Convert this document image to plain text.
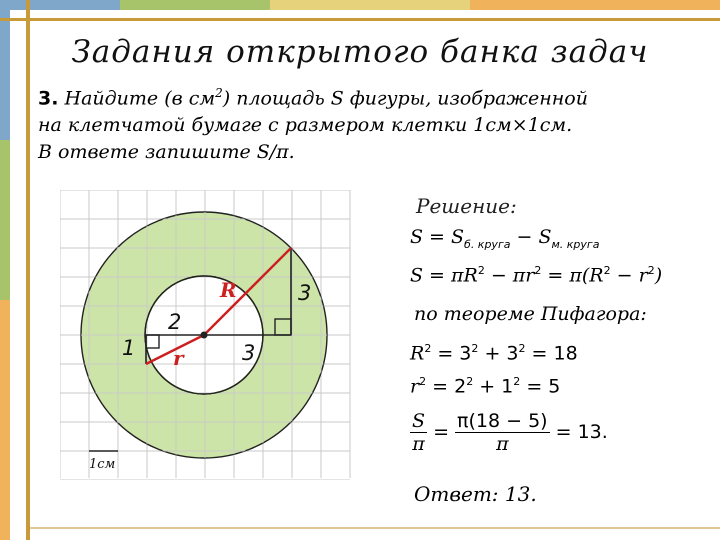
Задания открытого банка задач
3. Найдите (в $см^2$) площадь S фигуры, изображенной
на клетчатой бумаге с размером клетки 1см×1см.
В ответе запишите S/π.
R	3
3
2
1 r
1см
Решение:
$S = S_{б. круга} - S_{м. круга}$
$S = \pi R^2 - \pi r^2 = \pi(R^2 - r^2)$
по теореме Пифагора:
$R^2 = 3^2 + 3^2 = 18$
$r^2 = 2^2 + 1^2 = 5$
$\frac{S}{\pi} = \frac{\pi(18 - 5)}{\pi} = 13$.
Ответ: 13.
